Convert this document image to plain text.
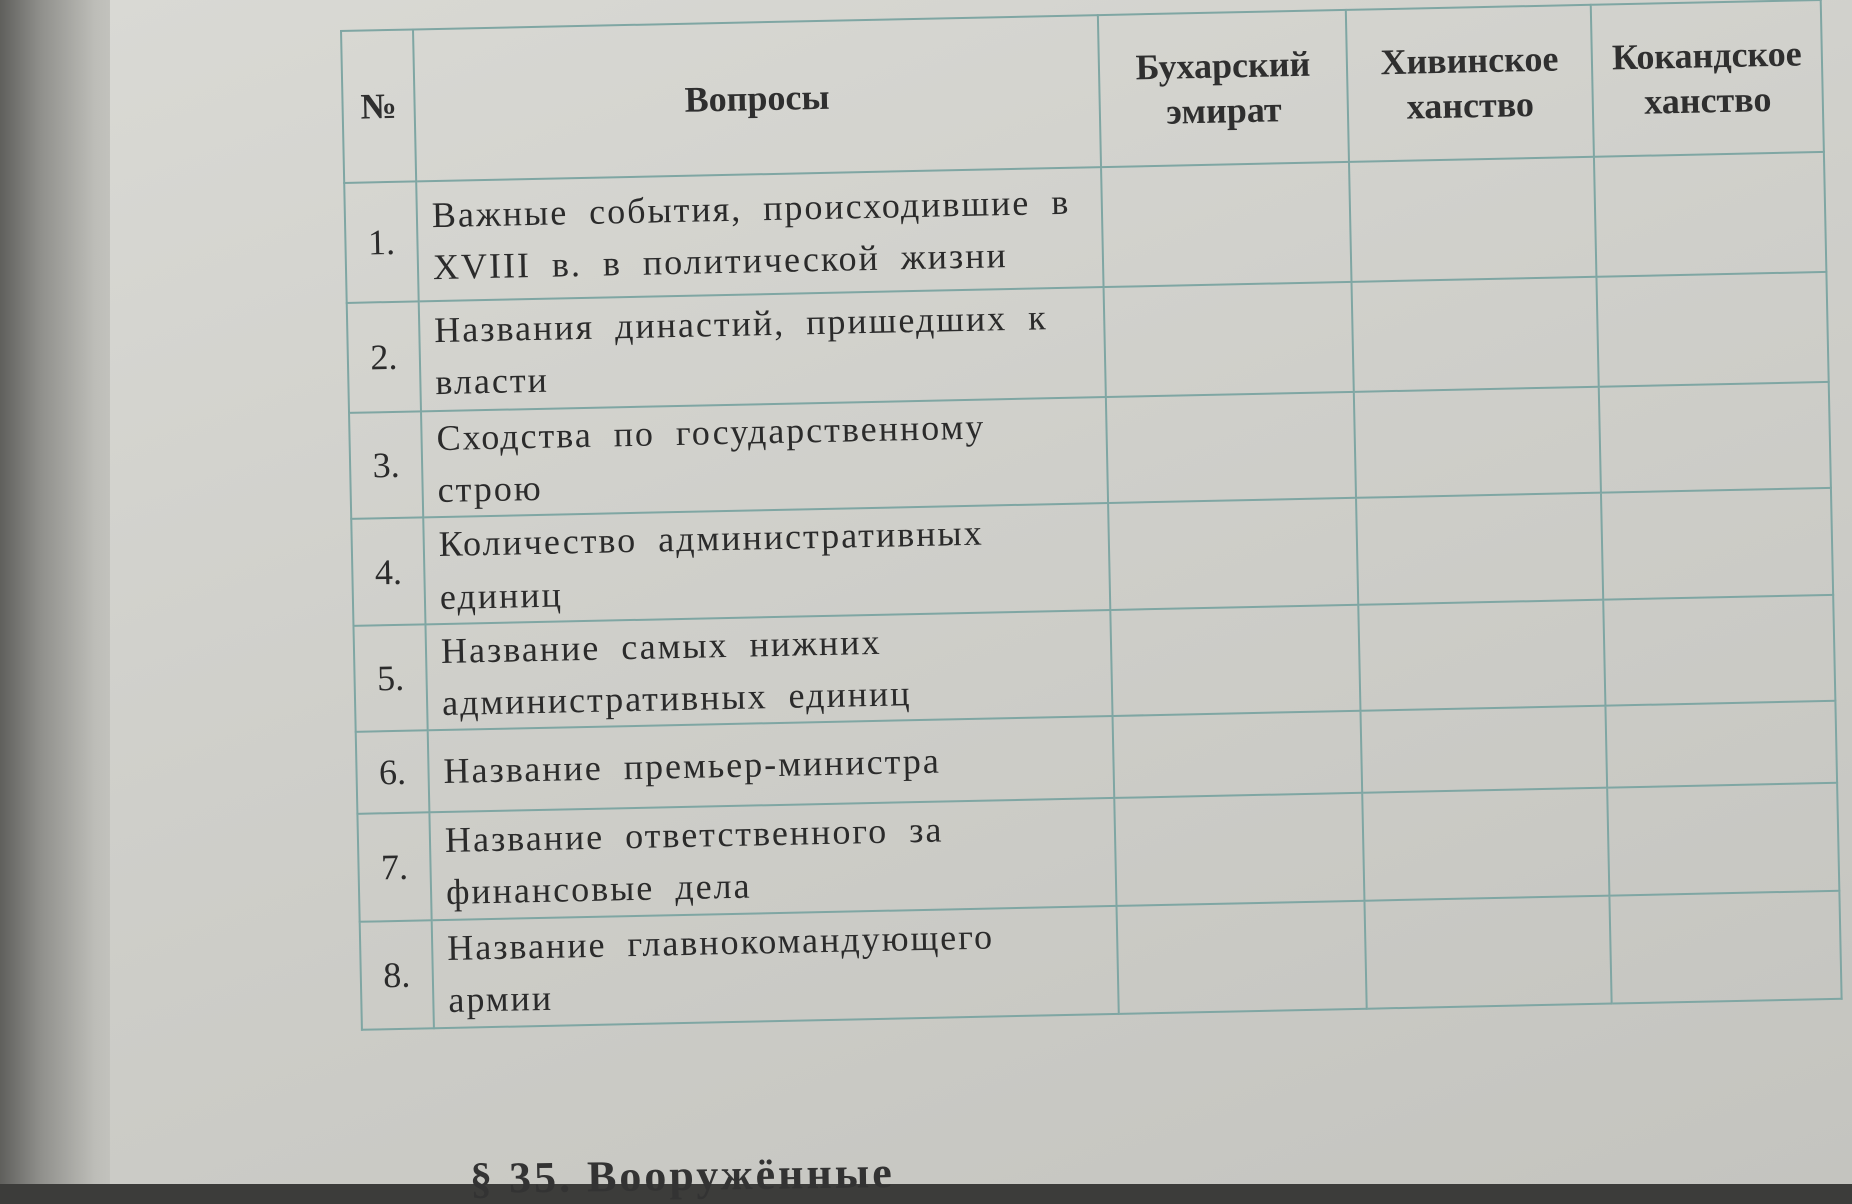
№	Вопросы	Бухарский эмират	Хивинское ханство	Кокандское ханство
1.	Важные события, происходившие в XVIII в. в политической жизни			
2.	Названия династий, пришедших к власти			
3.	Сходства по государственному строю			
4.	Количество административных единиц			
5.	Название самых нижних административных единиц			
6.	Название премьер-министра			
7.	Название ответственного за финансовые дела			
8.	Название главнокомандующего армии			
§ 35. Вооружённые
